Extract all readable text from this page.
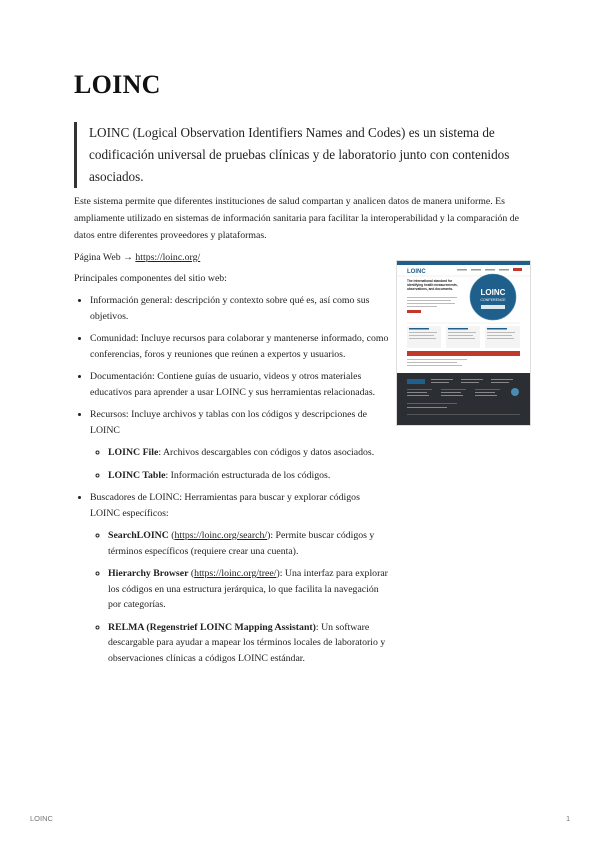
LOINC
LOINC (Logical Observation Identifiers Names and Codes) es un sistema de codificación universal de pruebas clínicas y de laboratorio junto con contenidos asociados.

Este sistema permite que diferentes instituciones de salud compartan y analicen datos de manera uniforme. Es ampliamente utilizado en sistemas de información sanitaria para facilitar la interoperabilidad y la comparación de datos entre diferentes proveedores y plataformas.

Página Web → https://loinc.org/

Principales componentes del sitio web:

• Información general: descripción y contexto sobre qué es, así como sus objetivos.
• Comunidad: Incluye recursos para colaborar y mantenerse informado, como conferencias, foros y reuniones que reúnen a expertos y usuarios.
• Documentación: Contiene guías de usuario, videos y otros materiales educativos para aprender a usar LOINC y sus herramientas relacionadas.
• Recursos: Incluye archivos y tablas con los códigos y descripciones de LOINC
◦ LOINC File: Archivos descargables con códigos y datos asociados.
◦ LOINC Table: Información estructurada de los códigos.
• Buscadores de LOINC: Herramientas para buscar y explorar códigos LOINC específicos:
◦ SearchLOINC (https://loinc.org/search/): Permite buscar códigos y términos específicos (requiere crear una cuenta).
◦ Hierarchy Browser (https://loinc.org/tree/): Una interfaz para explorar los códigos en una estructura jerárquica, lo que facilita la navegación por categorías.
◦ RELMA (Regenstrief LOINC Mapping Assistant): Un software descargable para ayudar a mapear los términos locales de laboratorio y observaciones clínicas a códigos LOINC estándar.
LOINC
The international standard for identifying health measurements, observations, and documents.	LOINC
CONFERENCE
LOINC	1
